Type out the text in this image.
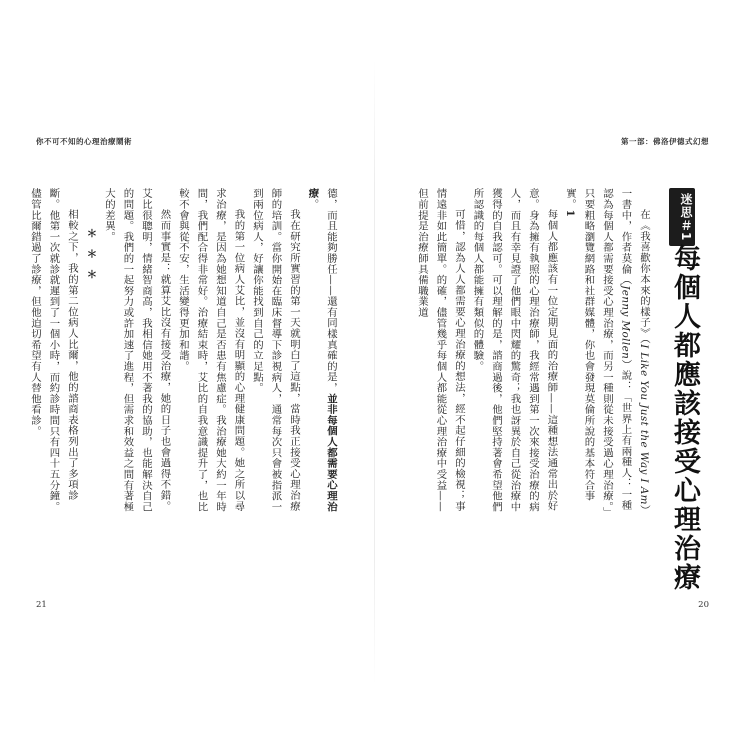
你不可不知的心理治療鬧術

德，而且能夠勝任——還有同樣真確的是，並非每個人都需要心理治療。

我在研究所實習的第一天就明白了這點，當時我正接受心理治療師的培訓。當你開始在臨床督導下診視病人，通常每次只會被指派一到兩位病人，好讓你能找到自己的立足點。

我的第一位病人艾比，並沒有明顯的心理健康問題。她之所以尋求治療，是因為她想知道自己是否患有焦慮症。我治療她大約一年時間，我們配合得非常好。治療結束時，艾比的自我意識提升了，也比較不會與從不安，生活變得更加和諧。

然而事實是：就算艾比沒有接受治療，她的日子也會過得不錯。艾比很聰明，情緒智商高，我相信她用不著我的協助，也能解決自己的問題。我們的一起努力或許加速了進程，但需求和效益之間有著極大的差異。

＊＊＊

相較之下，我的第二位病人比爾，他的諮商表格列出了多項診斷。他第一次就診就遲到了一個小時，而約診時間只有四十五分鐘。儘管比爾錯過了診療，但他迫切希望有人替他看診。

21
第一部：佛洛伊德式幻想

在《我喜歡你本來的樣子》（I Like You Just the Way I Am）一書中，作者莫倫（Jenny Mollen）說：「世界上有兩種人：一種認為每個人都需要接受心理治療，而另一種則從未接受過心理治療。」只要粗略瀏覽網路和社群媒體，你也會發現莫倫所說的基本符合事實。1

每個人都應該有一位定期見面的治療師——這種想法通常出於好意。身為擁有執照的心理治療師，我經常遇到第一次來接受治療的病人，而且有幸見證了他們眼中閃耀的驚奇；我也訝異於自己從治療中獲得的自我認可。可以理解的是，諮商過後，他們堅持著會希望他們所認識的每個人都能擁有類似的體驗。

可惜，認為人人都需要心理治療的想法，經不起仔細的檢視；事情遠非如此簡單。的確，儘管幾乎每個人都能從心理治療中受益——但前提是治療師具備職業道	迷思＃1
每個人都應該接受心理治療
20
